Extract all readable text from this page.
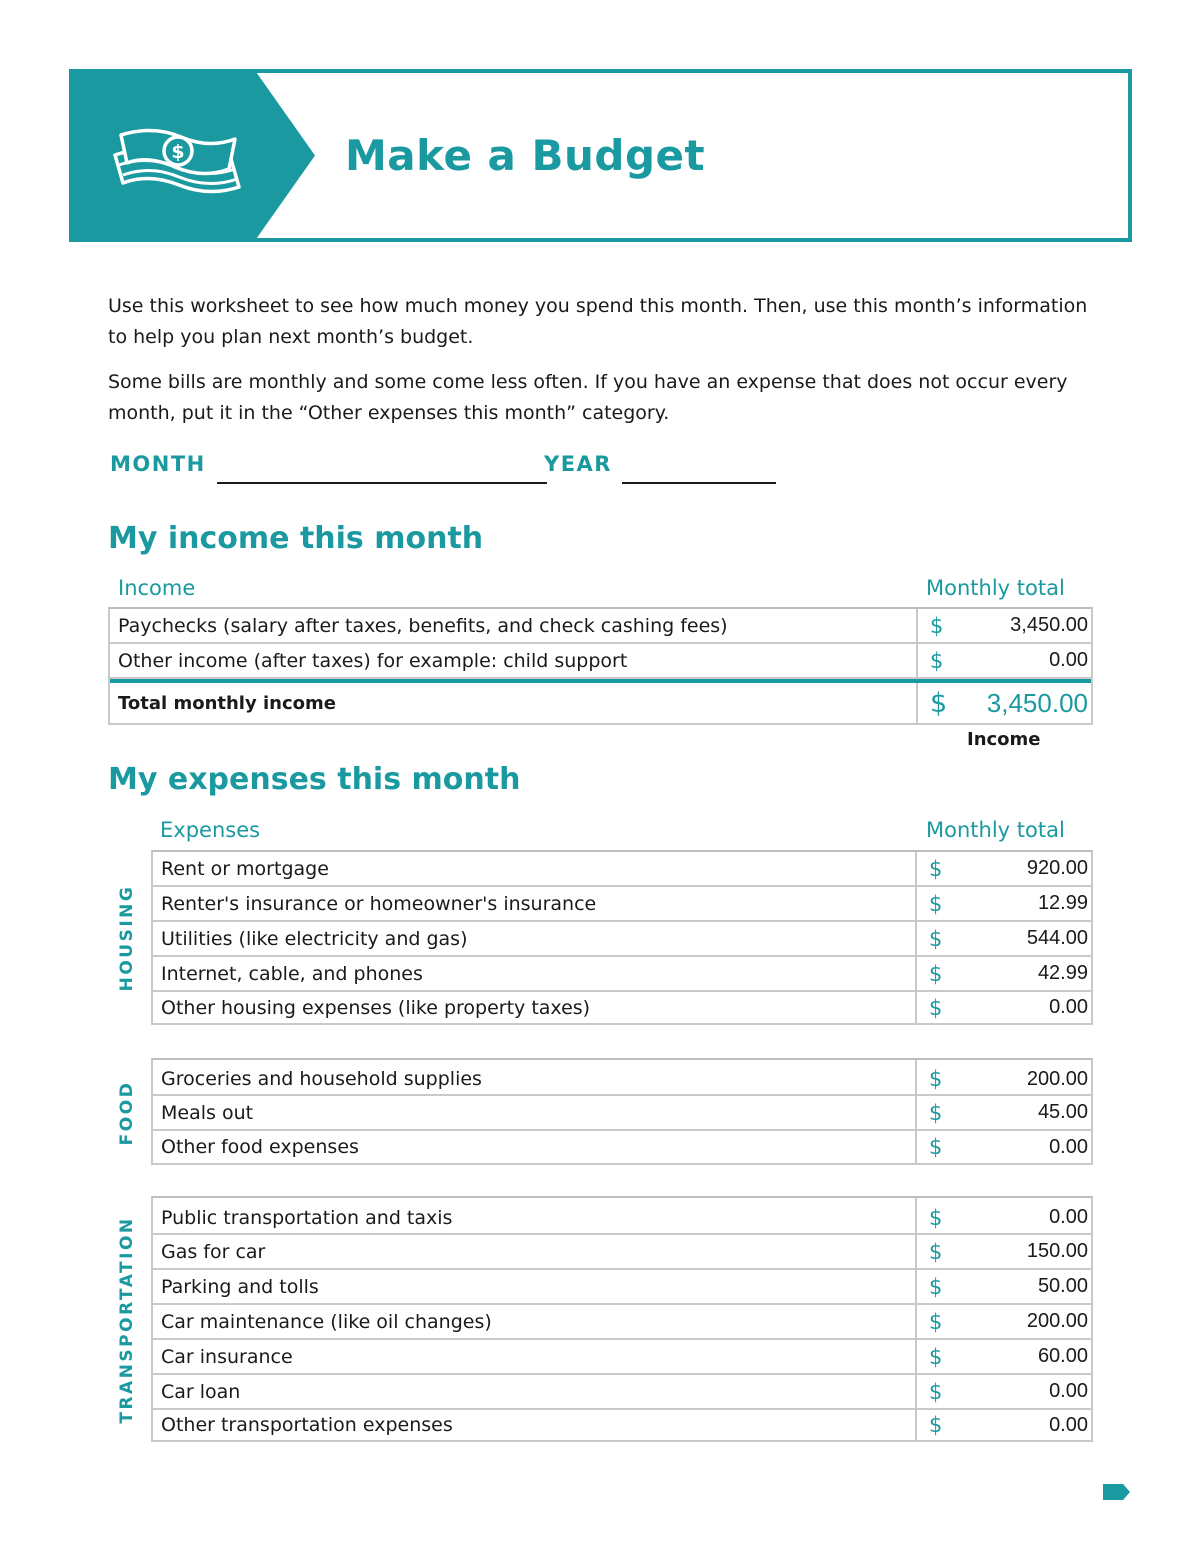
$	Make a Budget

Use this worksheet to see how much money you spend this month. Then, use this month’s information to help you plan next month’s budget.

Some bills are monthly and some come less often. If you have an expense that does not occur every month, put it in the “Other expenses this month” category.

MONTH	YEAR
My income this month
Income	Monthly total
Paychecks (salary after taxes, benefits, and check cashing fees)	$	3,450.00
Other income (after taxes) for example: child support	$	0.00
Total monthly income	$ 3,450.00
Income
My expenses this month
Expenses	Monthly total
HOUSING
Rent or mortgage	$	920.00
Renter's insurance or homeowner's insurance	$	12.99
Utilities (like electricity and gas)	$	544.00
Internet, cable, and phones	$	42.99
Other housing expenses (like property taxes)	$	0.00
FOOD
Groceries and household supplies	$	200.00
Meals out	$	45.00
Other food expenses	$	0.00
TRANSPORTATION Public transportation and taxis	$	0.00
Gas for car	$	150.00
Parking and tolls	$	50.00
Car maintenance (like oil changes)	$	200.00
Car insurance	$	60.00
Car loan	$	0.00
Other transportation expenses	$	0.00
